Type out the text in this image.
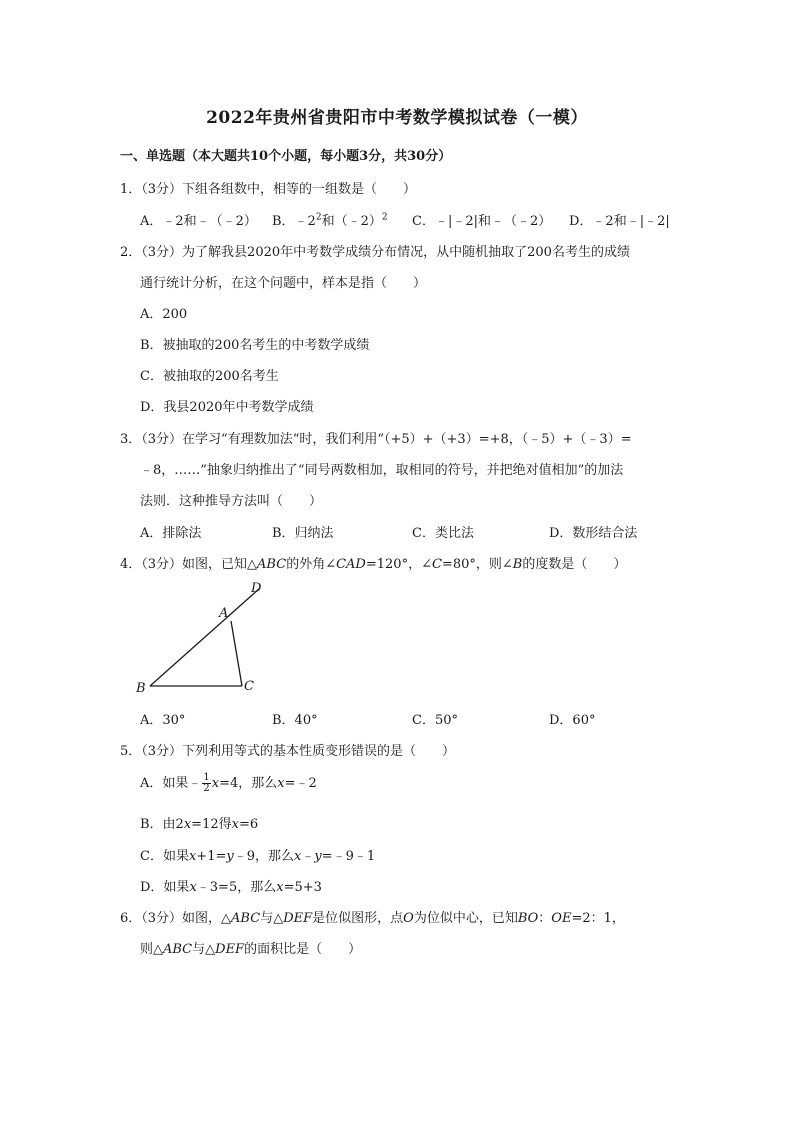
2022年贵州省贵阳市中考数学模拟试卷（一模）
一、单选题（本大题共10个小题，每小题3分，共30分）
1．（3分）下组各组数中，相等的一组数是（　　）
A．﹣2和﹣（﹣2） B．$﹣2^2$和（﹣2）$^2$ C．﹣|﹣2|和﹣（﹣2） D．﹣2和﹣|﹣2|
2．（3分）为了解我县2020年中考数学成绩分布情况，从中随机抽取了200名考生的成绩
通行统计分析，在这个问题中，样本是指（　　）
A．200
B．被抽取的200名考生的中考数学成绩
C．被抽取的200名考生
D．我县2020年中考数学成绩
3．（3分）在学习“有理数加法“时，我们利用“（+5）+（+3）=+8，（﹣5）+（﹣3）=
﹣8，……”抽象归纳推出了“同号两数相加，取相同的符号，并把绝对值相加”的加法
法则．这种推导方法叫（　　）
A．排除法	B．归纳法	C．类比法	D．数形结合法
4．（3分）如图，已知△ABC的外角∠CAD=120°，∠C=80°，则∠B的度数是（　　）
A
B	C
D
A．30°	B．40°	C．50°	D．60°
5．（3分）下列利用等式的基本性质变形错误的是（　　）
A．如果﹣ $\frac{1}{2} x=4$，那么x=﹣2
B．由2x=12得x=6
C．如果x+1=y﹣9，那么x﹣y=﹣9﹣1
D．如果x﹣3=5，那么x=5+3
6．（3分）如图，△ABC与△DEF是位似图形，点O为位似中心，已知BO：OE=2：1，
则△ABC与△DEF的面积比是（　　）
